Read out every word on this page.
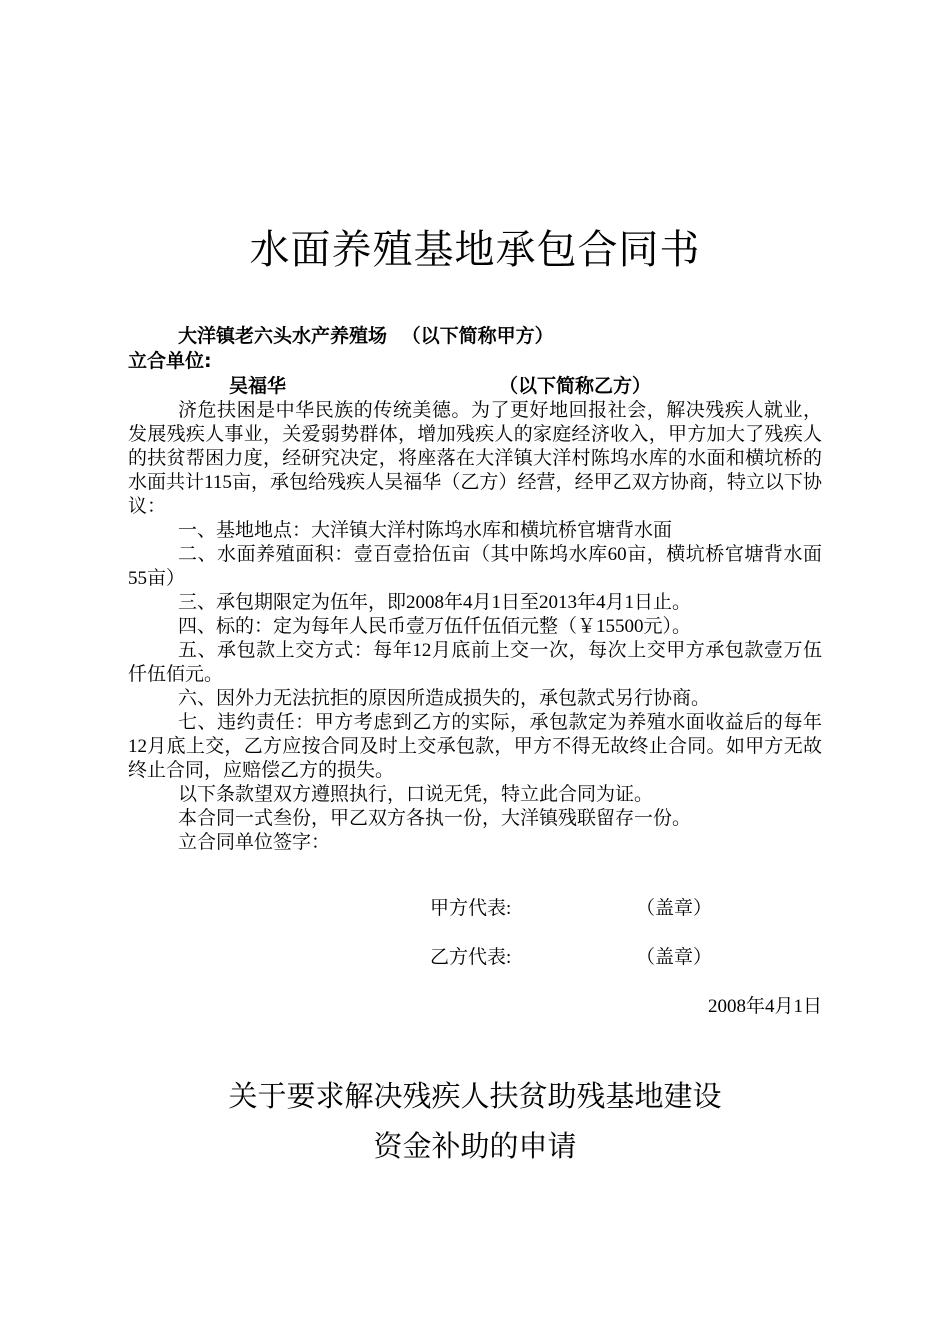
水面养殖基地承包合同书
大洋镇老六头水产养殖场 （以下简称甲方）
立合单位:
吴福华	（以下简称乙方）

济危扶困是中华民族的传统美德。为了更好地回报社会，解决残疾人就业，发展残疾人事业，关爱弱势群体，增加残疾人的家庭经济收入，甲方加大了残疾人的扶贫帮困力度，经研究决定，将座落在大洋镇大洋村陈坞水库的水面和横坑桥的水面共计115亩，承包给残疾人吴福华（乙方）经营，经甲乙双方协商，特立以下协议：

一、基地地点：大洋镇大洋村陈坞水库和横坑桥官塘背水面

二、水面养殖面积：壹百壹拾伍亩（其中陈坞水库60亩，横坑桥官塘背水面55亩）

三、承包期限定为伍年，即2008年4月1日至2013年4月1日止。

四、标的：定为每年人民币壹万伍仟伍佰元整（￥15500元）。

五、承包款上交方式：每年12月底前上交一次，每次上交甲方承包款壹万伍仟伍佰元。

六、因外力无法抗拒的原因所造成损失的，承包款式另行协商。

七、违约责任：甲方考虑到乙方的实际，承包款定为养殖水面收益后的每年12月底上交，乙方应按合同及时上交承包款，甲方不得无故终止合同。如甲方无故终止合同，应赔偿乙方的损失。

以下条款望双方遵照执行，口说无凭，特立此合同为证。

本合同一式叁份，甲乙双方各执一份，大洋镇残联留存一份。

立合同单位签字：

甲方代表:	（盖章）
乙方代表:	（盖章）
2008年4月1日
关于要求解决残疾人扶贫助残基地建设
资金补助的申请
